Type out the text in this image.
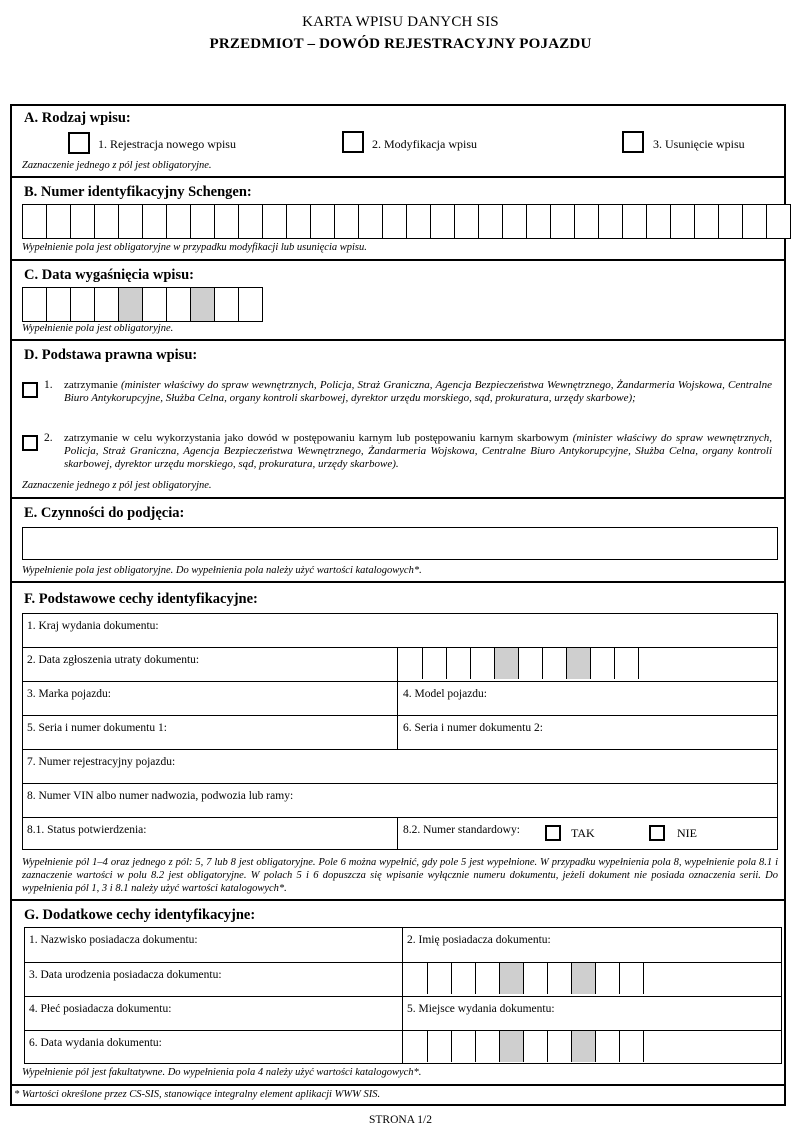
KARTA WPISU DANYCH SIS
PRZEDMIOT – DOWÓD REJESTRACYJNY POJAZDU
A. Rodzaj wpisu:
1. Rejestracja nowego wpisu	2. Modyfikacja wpisu	3. Usunięcie wpisu
Zaznaczenie jednego z pól jest obligatoryjne.
B. Numer identyfikacyjny Schengen:
Wypełnienie pola jest obligatoryjne w przypadku modyfikacji lub usunięcia wpisu.
C. Data wygaśnięcia wpisu:
Wypełnienie pola jest obligatoryjne.
D. Podstawa prawna wpisu:
1. zatrzymanie (minister właściwy do spraw wewnętrznych, Policja, Straż Graniczna, Agencja Bezpieczeństwa Wewnętrznego, Żandarmeria Wojskowa, Centralne Biuro Antykorupcyjne, Służba Celna, organy kontroli skarbowej, dyrektor urzędu morskiego, sąd, prokuratura, urzędy skarbowe);
2. zatrzymanie w celu wykorzystania jako dowód w postępowaniu karnym lub postępowaniu karnym skarbowym (minister właściwy do spraw wewnętrznych, Policja, Straż Graniczna, Agencja Bezpieczeństwa Wewnętrznego, Żandarmeria Wojskowa, Centralne Biuro Antykorupcyjne, Służba Celna, organy kontroli skarbowej, dyrektor urzędu morskiego, sąd, prokuratura, urzędy skarbowe).
Zaznaczenie jednego z pól jest obligatoryjne.
E. Czynności do podjęcia:
Wypełnienie pola jest obligatoryjne. Do wypełnienia pola należy użyć wartości katalogowych*.
F. Podstawowe cechy identyfikacyjne:
1. Kraj wydania dokumentu:
2. Data zgłoszenia utraty dokumentu:
3. Marka pojazdu:	4. Model pojazdu:
5. Seria i numer dokumentu 1:	6. Seria i numer dokumentu 2:
7. Numer rejestracyjny pojazdu:
8. Numer VIN albo numer nadwozia, podwozia lub ramy:
8.1. Status potwierdzenia:	8.2. Numer standardowy:	TAK	NIE
Wypełnienie pól 1–4 oraz jednego z pól: 5, 7 lub 8 jest obligatoryjne. Pole 6 można wypełnić, gdy pole 5 jest wypełnione. W przypadku wypełnienia pola 8, wypełnienie pola 8.1 i zaznaczenie wartości w polu 8.2 jest obligatoryjne. W polach 5 i 6 dopuszcza się wpisanie wyłącznie numeru dokumentu, jeżeli dokument nie posiada oznaczenia serii. Do wypełnienia pól 1, 3 i 8.1 należy użyć wartości katalogowych*.
G. Dodatkowe cechy identyfikacyjne:
1. Nazwisko posiadacza dokumentu:	2. Imię posiadacza dokumentu:
3. Data urodzenia posiadacza dokumentu:
4. Płeć posiadacza dokumentu:	5. Miejsce wydania dokumentu:
6. Data wydania dokumentu:
Wypełnienie pól jest fakultatywne. Do wypełnienia pola 4 należy użyć wartości katalogowych*.
* Wartości określone przez CS-SIS, stanowiące integralny element aplikacji WWW SIS.
STRONA 1/2
